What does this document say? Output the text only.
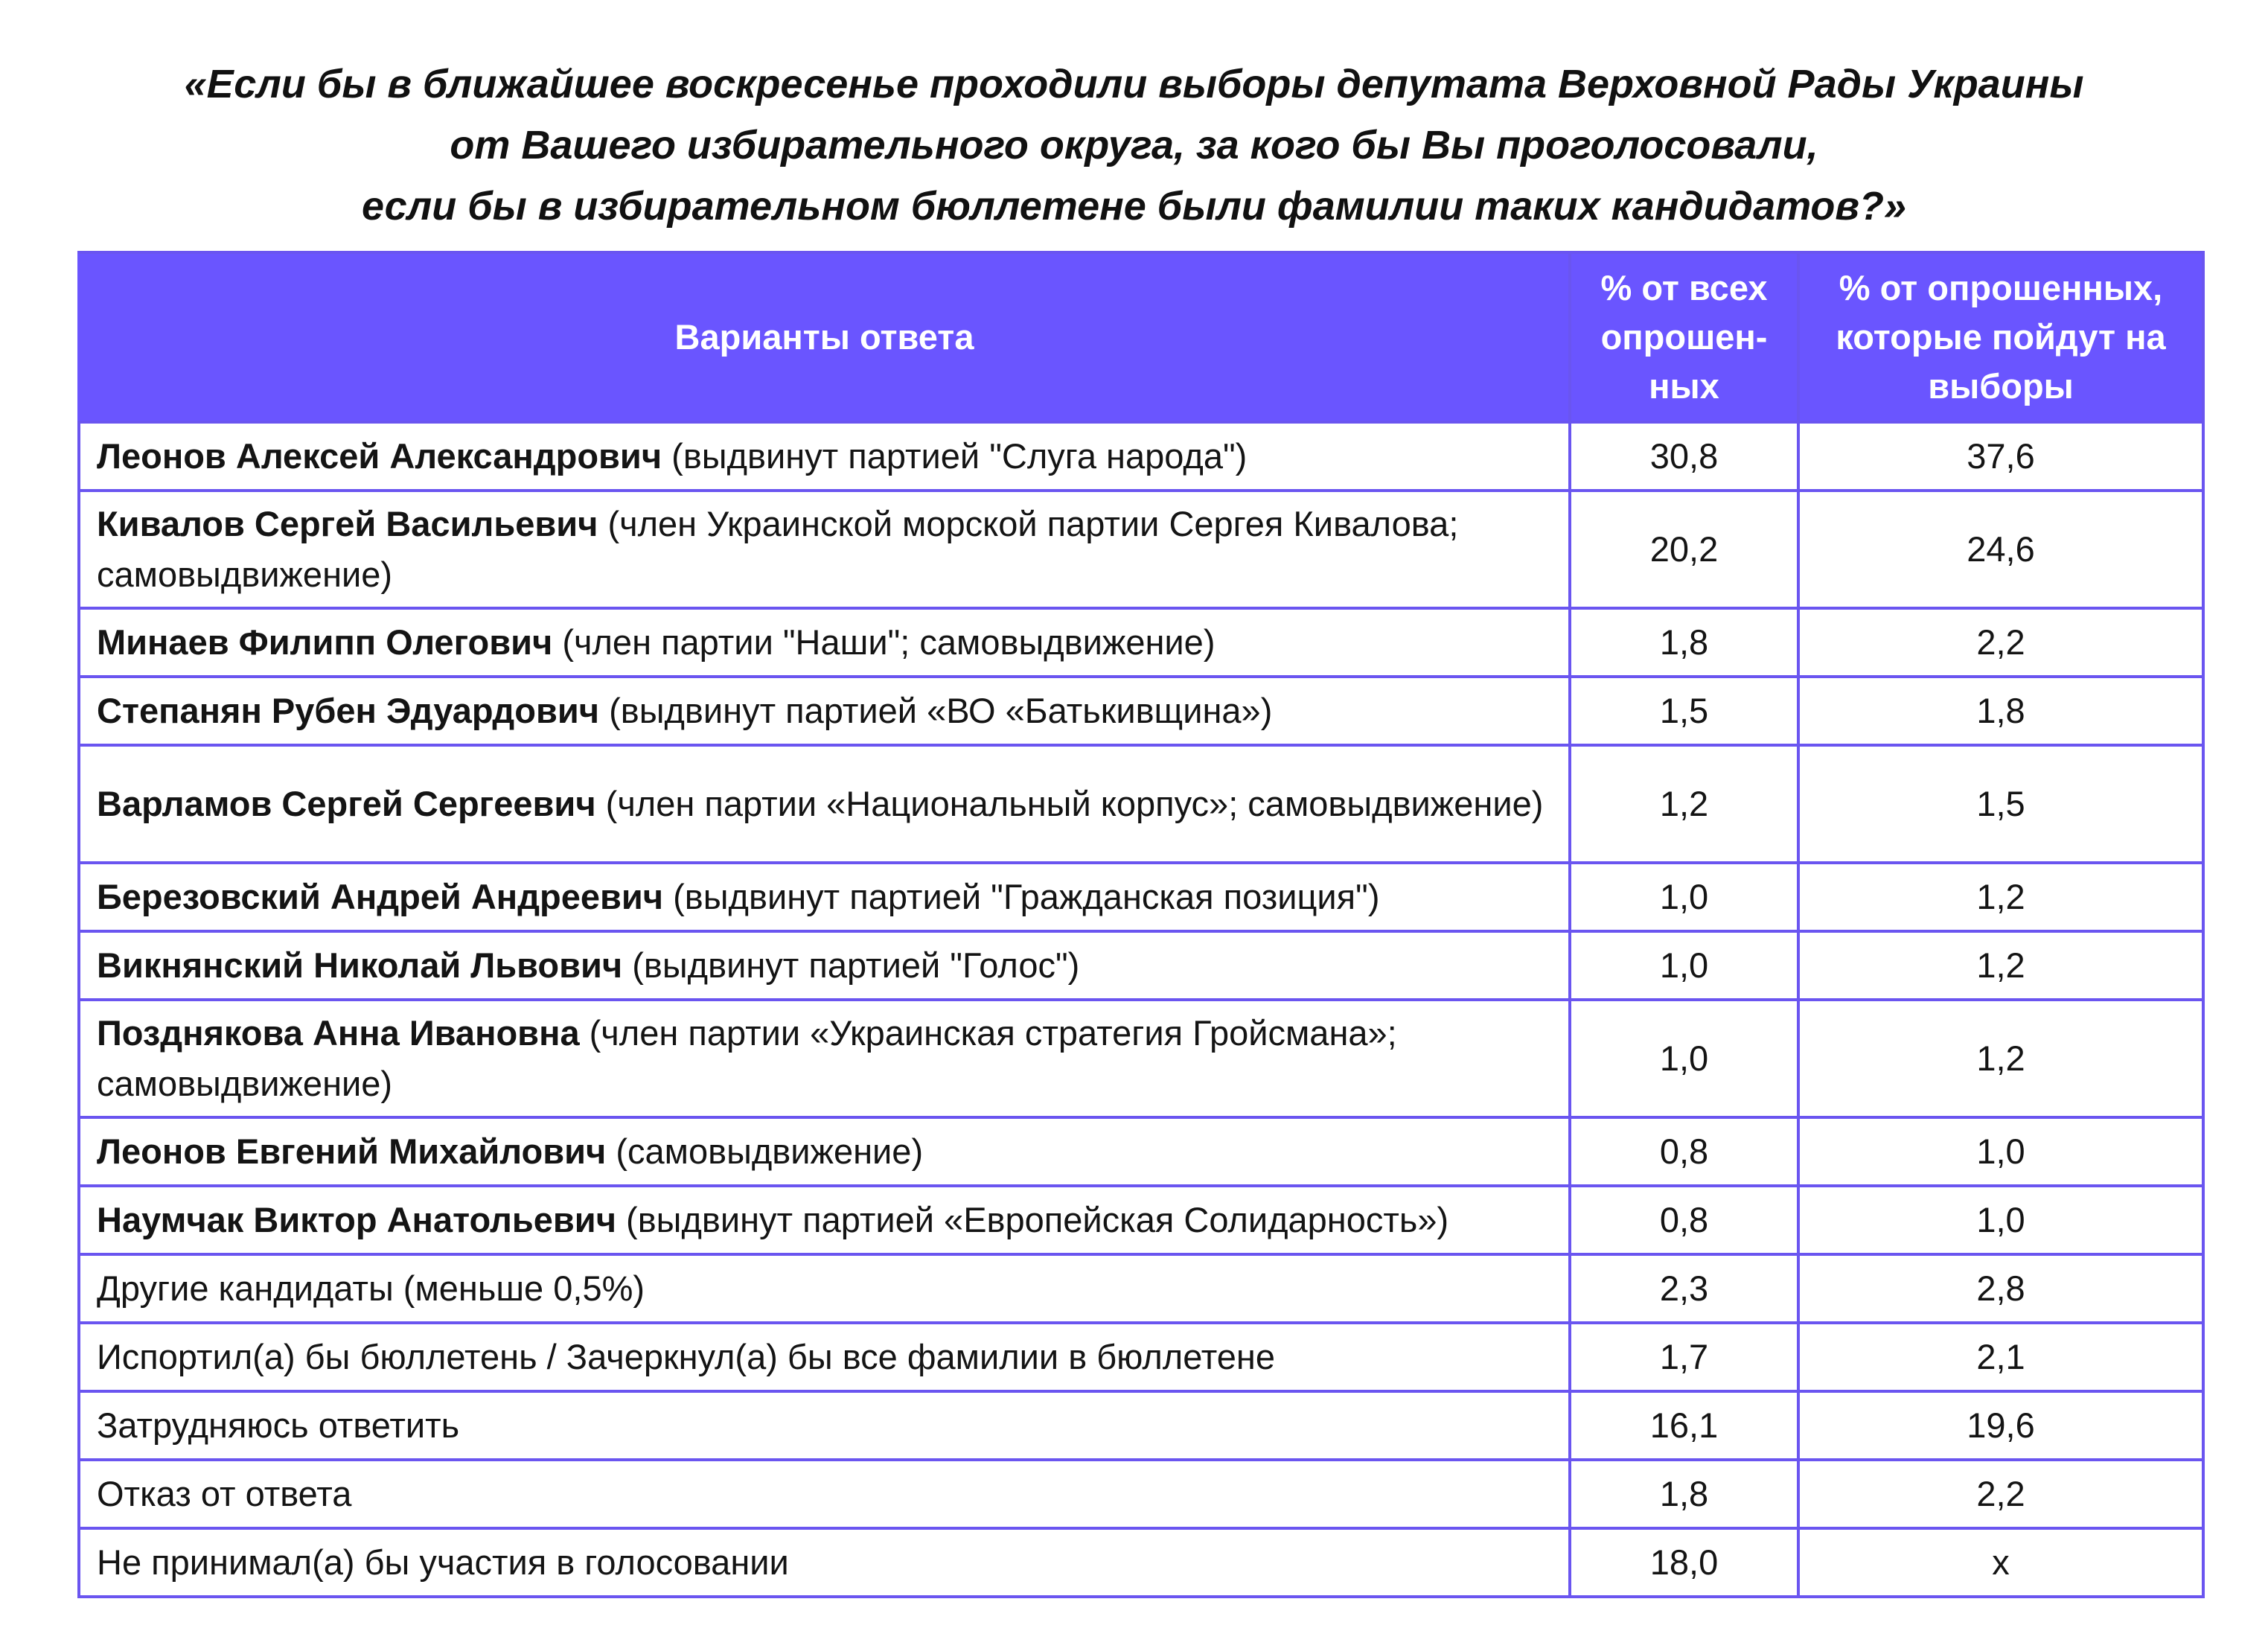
«Если бы в ближайшее воскресенье проходили выборы депутата Верховной Рады Украины
от Вашего избирательного округа, за кого бы Вы проголосовали,
если бы в избирательном бюллетене были фамилии таких кандидатов?»
Варианты ответа	% от всех опрошен-ных	% от опрошенных, которые пойдут на выборы
Леонов Алексей Александрович (выдвинут партией "Слуга народа")	30,8	37,6
Кивалов Сергей Васильевич (член Украинской морской партии Сергея Кивалова; самовыдвижение)	20,2	24,6
Минаев Филипп Олегович (член партии "Наши"; самовыдвижение)	1,8	2,2
Степанян Рубен Эдуардович (выдвинут партией «ВО «Батькивщина»)	1,5	1,8
Варламов Сергей Сергеевич (член партии «Национальный корпус»; самовыдвижение)	1,2	1,5
Березовский Андрей Андреевич (выдвинут партией "Гражданская позиция")	1,0	1,2
Викнянский Николай Львович (выдвинут партией "Голос")	1,0	1,2
Позднякова Анна Ивановна (член партии «Украинская стратегия Гройсмана»; самовыдвижение)	1,0	1,2
Леонов Евгений Михайлович (самовыдвижение)	0,8	1,0
Наумчак Виктор Анатольевич (выдвинут партией «Европейская Солидарность»)	0,8	1,0
Другие кандидаты (меньше 0,5%)	2,3	2,8
Испортил(а) бы бюллетень / Зачеркнул(а) бы все фамилии в бюллетене	1,7	2,1
Затрудняюсь ответить	16,1	19,6
Отказ от ответа	1,8	2,2
Не принимал(а) бы участия в голосовании	18,0	х
